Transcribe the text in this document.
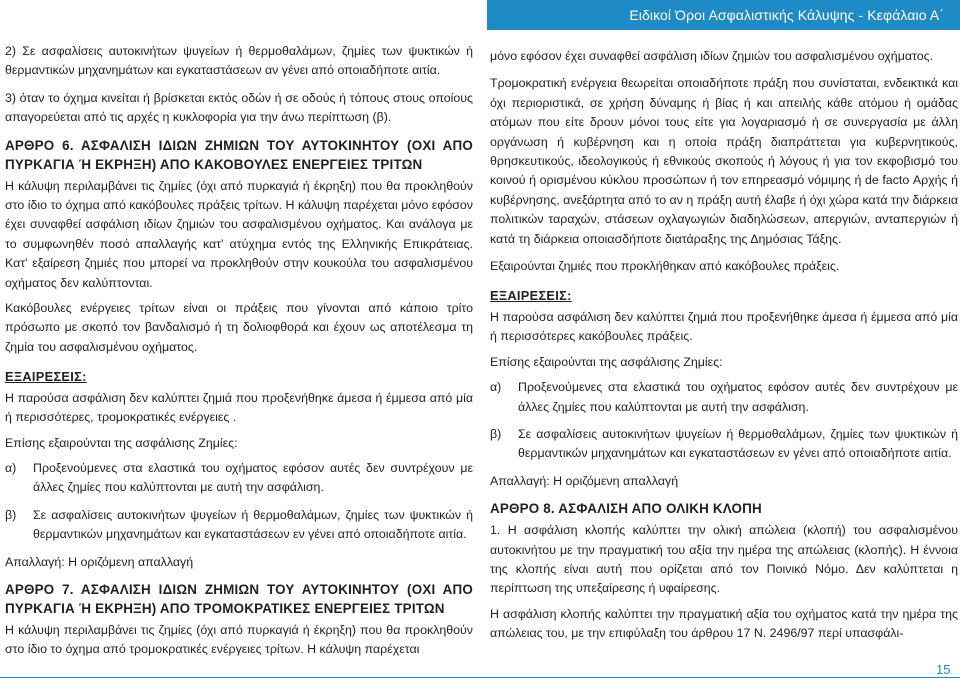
Ειδικοί Όροι Ασφαλιστικής Κάλυψης - Κεφάλαιο Α΄

2) Σε ασφαλίσεις αυτοκινήτων ψυγείων ή θερμοθαλάμων, ζημίες των ψυκτικών ή θερμαντικών μηχανημάτων και εγκαταστάσεων αν γένει από οποιαδήποτε αιτία.

3) όταν το όχημα κινείται ή βρίσκεται εκτός οδών ή σε οδούς ή τόπους στους οποίους απαγορεύεται από τις αρχές η κυκλοφορία για την άνω περίπτωση (β).

ΑΡΘΡΟ 6. ΑΣΦΑΛΙΣΗ ΙΔΙΩΝ ΖΗΜΙΩΝ ΤΟΥ ΑΥΤΟΚΙΝΗΤΟΥ (ΟΧΙ ΑΠΟ ΠΥΡΚΑΓΙΑ Ή ΕΚΡΗΞΗ) ΑΠΟ ΚΑΚΟΒΟΥΛΕΣ ΕΝΕΡΓΕΙΕΣ ΤΡΙΤΩΝ

Η κάλυψη περιλαμβάνει τις ζημίες (όχι από πυρκαγιά ή έκρηξη) που θα προκληθούν στο ίδιο το όχημα από κακόβουλες πράξεις τρίτων. Η κάλυψη παρέχεται μόνο εφόσον έχει συναφθεί ασφάλιση ιδίων ζημιών του ασφαλισμένου οχήματος. Και ανάλογα με το συμφωνηθέν ποσό απαλλαγής κατ' ατύχημα εντός της Ελληνικής Επικράτειας. Κατ' εξαίρεση ζημιές που μπορεί να προκληθούν στην κουκούλα του ασφαλισμένου οχήματος δεν καλύπτονται.

Κακόβουλες ενέργειες τρίτων είναι οι πράξεις που γίνονται από κάποιο τρίτο πρόσωπο με σκοπό τον βανδαλισμό ή τη δολιοφθορά και έχουν ως αποτέλεσμα τη ζημία του ασφαλισμένου οχήματος.

ΕΞΑΙΡΕΣΕΙΣ:

Η παρούσα ασφάλιση δεν καλύπτει ζημιά που προξενήθηκε άμεσα ή έμμεσα από μία ή περισσότερες, τρομοκρατικές ενέργειες .

Επίσης εξαιρούνται της ασφάλισης Ζημίες:

α)	Προξενούμενες στα ελαστικά του οχήματος εφόσον αυτές δεν συντρέχουν με άλλες ζημίες που καλύπτονται με αυτή την ασφάλιση.
β)	Σε ασφαλίσεις αυτοκινήτων ψυγείων ή θερμοθαλάμων, ζημίες των ψυκτικών ή θερμαντικών μηχανημάτων και εγκαταστάσεων εν γένει από οποιαδήποτε αιτία.

Απαλλαγή: Η οριζόμενη απαλλαγή

ΑΡΘΡΟ 7. ΑΣΦΑΛΙΣΗ ΙΔΙΩΝ ΖΗΜΙΩΝ ΤΟΥ ΑΥΤΟΚΙΝΗΤΟΥ (ΟΧΙ ΑΠΟ ΠΥΡΚΑΓΙΑ Ή ΕΚΡΗΞΗ) ΑΠΟ ΤΡΟΜΟΚΡΑΤΙΚΕΣ ΕΝΕΡΓΕΙΕΣ ΤΡΙΤΩΝ

Η κάλυψη περιλαμβάνει τις ζημίες (όχι από πυρκαγιά ή έκρηξη) που θα προκληθούν στο ίδιο το όχημα από τρομοκρατικές ενέργειες τρίτων. Η κάλυψη παρέχεται

μόνο εφόσον έχει συναφθεί ασφάλιση ιδίων ζημιών του ασφαλισμένου οχήματος.

Τρομοκρατική ενέργεια θεωρείται οποιαδήποτε πράξη που συνίσταται, ενδεικτικά και όχι περιοριστικά, σε χρήση δύναμης ή βίας ή και απειλής κάθε ατόμου ή ομάδας ατόμων που είτε δρουν μόνοι τους είτε για λογαριασμό ή σε συνεργασία με άλλη οργάνωση ή κυβέρνηση και η οποία πράξη διαπράττεται για κυβερνητικούς, θρησκευτικούς, ιδεολογικούς ή εθνικούς σκοπούς ή λόγους ή για τον εκφοβισμό του κοινού ή ορισμένου κύκλου προσώπων ή τον επηρεασμό νόμιμης ή de facto Αρχής ή κυβέρνησης, ανεξάρτητα από το αν η πράξη αυτή έλαβε ή όχι χώρα κατά την διάρκεια πολιτικών ταραχών, στάσεων οχλαγωγιών διαδηλώσεων, απεργιών, ανταπεργιών ή κατά τη διάρκεια οποιασδήποτε διατάραξης της Δημόσιας Τάξης.

Εξαιρούνται ζημιές που προκλήθηκαν από κακόβουλες πράξεις.

ΕΞΑΙΡΕΣΕΙΣ:

Η παρούσα ασφάλιση δεν καλύπτει ζημιά που προξενήθηκε άμεσα ή έμμεσα από μία ή περισσότερες κακόβουλες πράξεις.

Επίσης εξαιρούνται της ασφάλισης Ζημίες:

α)	Προξενούμενες στα ελαστικά του οχήματος εφόσον αυτές δεν συντρέχουν με άλλες ζημίες που καλύπτονται με αυτή την ασφάλιση.
β)	Σε ασφαλίσεις αυτοκινήτων ψυγείων ή θερμοθαλάμων, ζημίες των ψυκτικών ή θερμαντικών μηχανημάτων και εγκαταστάσεων εν γένει από οποιαδήποτε αιτία.

Απαλλαγή: Η οριζόμενη απαλλαγή

ΑΡΘΡΟ 8. ΑΣΦΑΛΙΣΗ ΑΠΟ ΟΛΙΚΗ ΚΛΟΠΗ

1. Η ασφάλιση κλοπής καλύπτει την ολική απώλεια (κλοπή) του ασφαλισμένου αυτοκινήτου με την πραγματική του αξία την ημέρα της απώλειας (κλοπής). Η έννοια της κλοπής είναι αυτή που ορίζεται από τον Ποινικό Νόμο. Δεν καλύπτεται η περίπτωση της υπεξαίρεσης ή υφαίρεσης.

Η ασφάλιση κλοπής καλύπτει την πραγματική αξία του οχήματος κατά την ημέρα της απώλειας του, με την επιφύλαξη του άρθρου 17 Ν. 2496/97 περί υπασφάλι-

15
